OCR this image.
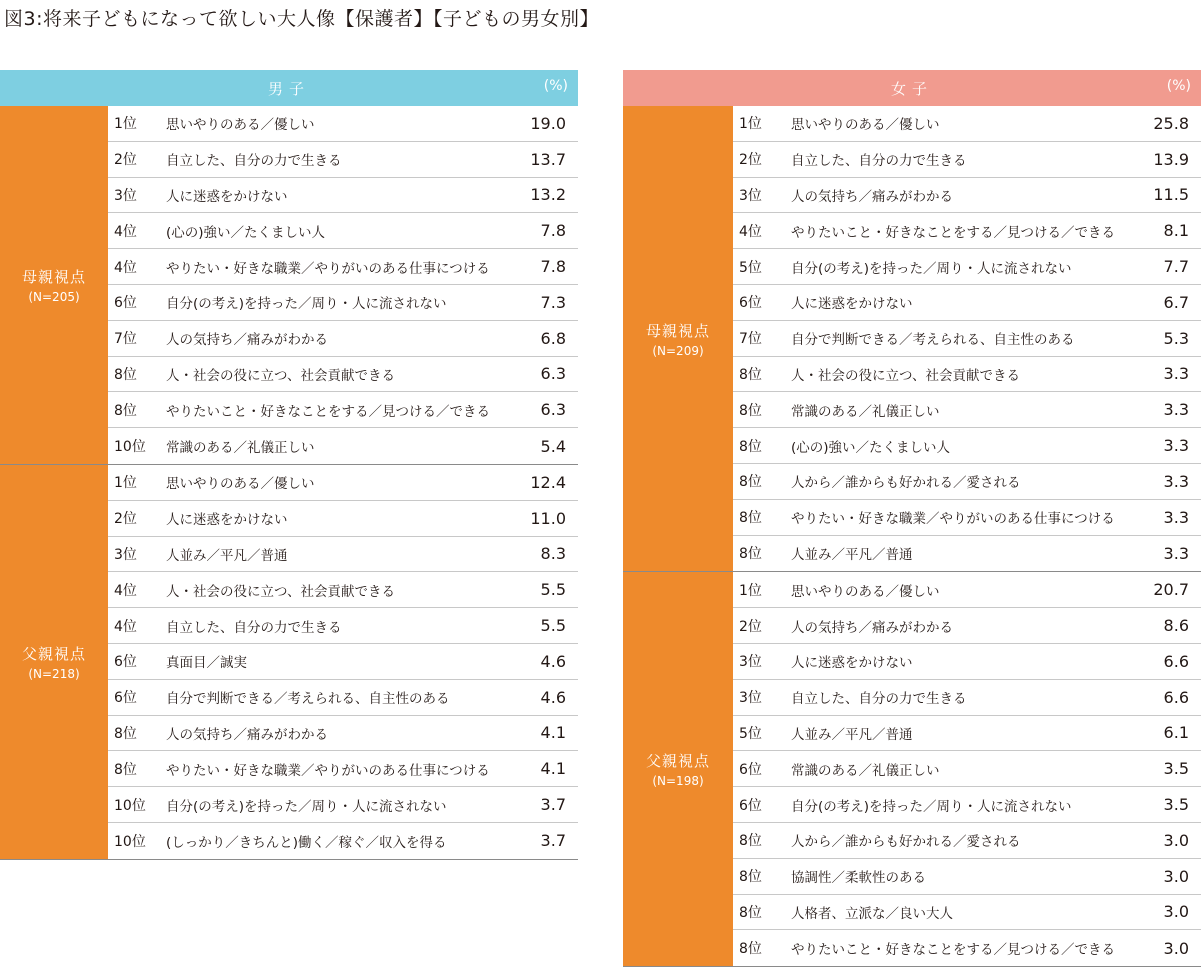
図3:将来子どもになって欲しい大人像【保護者】【子どもの男女別】
男子	(%)
母親視点
(N=205)
1位	思いやりのある／優しい	19.0
2位	自立した、自分の力で生きる	13.7
3位	人に迷惑をかけない	13.2
4位	(心の)強い／たくましい人	7.8
4位	やりたい・好きな職業／やりがいのある仕事につける	7.8
6位	自分(の考え)を持った／周り・人に流されない	7.3
7位	人の気持ち／痛みがわかる	6.8
8位	人・社会の役に立つ、社会貢献できる	6.3
8位	やりたいこと・好きなことをする／見つける／できる	6.3
10位	常識のある／礼儀正しい	5.4
父親視点
(N=218)
1位	思いやりのある／優しい	12.4
2位	人に迷惑をかけない	11.0
3位	人並み／平凡／普通	8.3
4位	人・社会の役に立つ、社会貢献できる	5.5
4位	自立した、自分の力で生きる	5.5
6位	真面目／誠実	4.6
6位	自分で判断できる／考えられる、自主性のある	4.6
8位	人の気持ち／痛みがわかる	4.1
8位	やりたい・好きな職業／やりがいのある仕事につける	4.1
10位	自分(の考え)を持った／周り・人に流されない	3.7
10位	(しっかり／きちんと)働く／稼ぐ／収入を得る	3.7
女子	(%)
母親視点
(N=209)
1位	思いやりのある／優しい	25.8
2位	自立した、自分の力で生きる	13.9
3位	人の気持ち／痛みがわかる	11.5
4位	やりたいこと・好きなことをする／見つける／できる	8.1
5位	自分(の考え)を持った／周り・人に流されない	7.7
6位	人に迷惑をかけない	6.7
7位	自分で判断できる／考えられる、自主性のある	5.3
8位	人・社会の役に立つ、社会貢献できる	3.3
8位	常識のある／礼儀正しい	3.3
8位	(心の)強い／たくましい人	3.3
8位	人から／誰からも好かれる／愛される	3.3
8位	やりたい・好きな職業／やりがいのある仕事につける	3.3
8位	人並み／平凡／普通	3.3
父親視点
(N=198)
1位	思いやりのある／優しい	20.7
2位	人の気持ち／痛みがわかる	8.6
3位	人に迷惑をかけない	6.6
3位	自立した、自分の力で生きる	6.6
5位	人並み／平凡／普通	6.1
6位	常識のある／礼儀正しい	3.5
6位	自分(の考え)を持った／周り・人に流されない	3.5
8位	人から／誰からも好かれる／愛される	3.0
8位	協調性／柔軟性のある	3.0
8位	人格者、立派な／良い大人	3.0
8位	やりたいこと・好きなことをする／見つける／できる	3.0
